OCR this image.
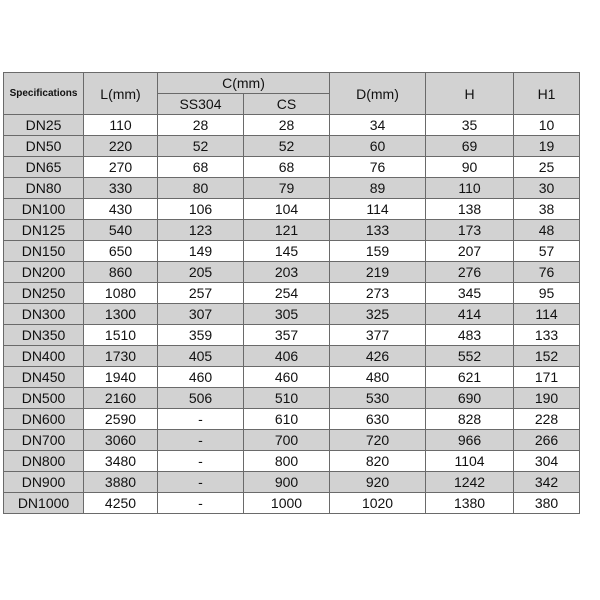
Specifications	L(mm)	C(mm)		D(mm)	H	H1
		SS304	CS			
DN25	110	28	28	34	35	10
DN50	220	52	52	60	69	19
DN65	270	68	68	76	90	25
DN80	330	80	79	89	110	30
DN100	430	106	104	114	138	38
DN125	540	123	121	133	173	48
DN150	650	149	145	159	207	57
DN200	860	205	203	219	276	76
DN250	1080	257	254	273	345	95
DN300	1300	307	305	325	414	114
DN350	1510	359	357	377	483	133
DN400	1730	405	406	426	552	152
DN450	1940	460	460	480	621	171
DN500	2160	506	510	530	690	190
DN600	2590	-	610	630	828	228
DN700	3060	-	700	720	966	266
DN800	3480	-	800	820	1104	304
DN900	3880	-	900	920	1242	342
DN1000	4250	-	1000	1020	1380	380
